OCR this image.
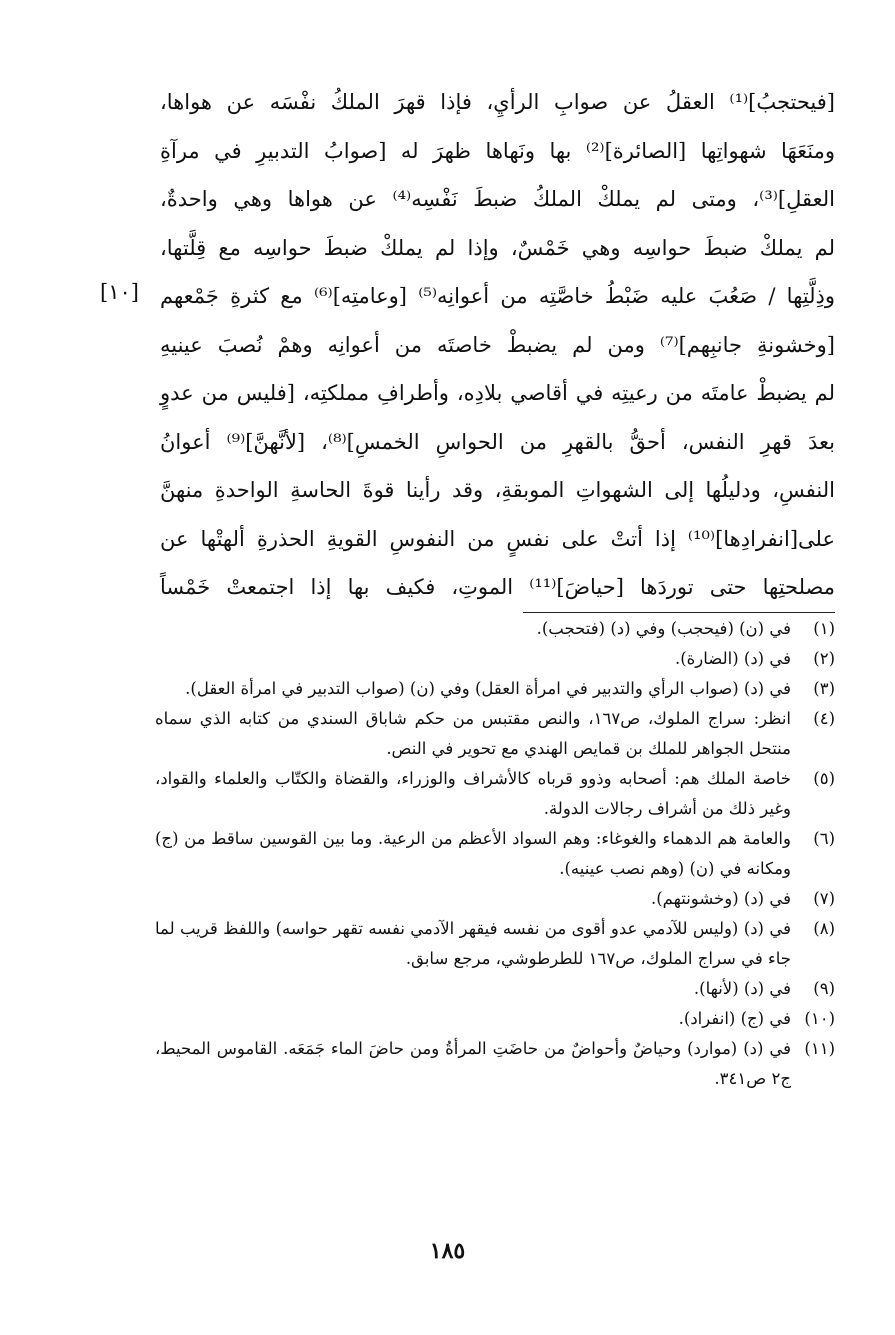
[فيحتجبُ]⁽¹⁾ العقلُ عن صوابِ الرأيِ، فإذا قهرَ الملكُ نفْسَه عن هواها،
ومنَعَهَا شهواتِها [الصائرة]⁽²⁾ بها ونَهاها ظهرَ له [صوابُ التدبيرِ في مرآةِ
العقلِ]⁽³⁾، ومتى لم يملكْ الملكُ ضبطَ نَفْسِه⁽⁴⁾ عن هواها وهي واحدةٌ،
لم يملكْ ضبطَ حواسِه وهي خَمْسٌ، وإذا لم يملكْ ضبطَ حواسِه مع قِلَّتها،
وذِلَّتِها / صَعُبَ عليه ضَبْطُ خاصَّتِه من أعوانِه⁽⁵⁾ [وعامتِه]⁽⁶⁾ مع كثرةِ جَمْعهم
[وخشونةِ جانبِهم]⁽⁷⁾ ومن لم يضبطْ خاصتَه من أعوانِه وهمْ نُصبَ عينيهِ
لم يضبطْ عامتَه من رعيتِه في أقاصي بلادِه، وأطرافِ مملكتِه، [فليس من عدوٍ
بعدَ قهرِ النفس، أحقُّ بالقهرِ من الحواسِ الخمسِ]⁽⁸⁾، [لأنَّهنَّ]⁽⁹⁾ أعوانُ
النفسِ، ودليلُها إلى الشهواتِ الموبقةِ، وقد رأينا قوةَ الحاسةِ الواحدةِ منهنَّ
على[انفرادِها]⁽¹⁰⁾ إذا أتتْ على نفسٍ من النفوسِ القويةِ الحذرةِ ألهتْها عن
مصلحتِها حتى توردَها [حياضَ]⁽¹¹⁾ الموتِ، فكيف بها إذا اجتمعتْ خَمْساً
[١٠]
(١)
في (ن) (فيحجب) وفي (د) (فتحجب).
(٢)
في (د) (الضارة).
(٣)
في (د) (صواب الرأي والتدبير في امرأة العقل) وفي (ن) (صواب التدبير في امرأة العقل).
(٤)
انظر: سراج الملوك، ص١٦٧، والنص مقتبس من حكم شاباق السندي من كتابه الذي سماه منتحل الجواهر للملك بن قمايص الهندي مع تحوير في النص.
(٥)
خاصة الملك هم: أصحابه وذوو قرباه كالأشراف والوزراء، والقضاة والكتّاب والعلماء والقواد، وغير ذلك من أشراف رجالات الدولة.
(٦)
والعامة هم الدهماء والغوغاء: وهم السواد الأعظم من الرعية. وما بين القوسين ساقط من (ج) ومكانه في (ن) (وهم نصب عينيه).
(٧)
في (د) (وخشونتهم).
(٨)
في (د) (وليس للآدمي عدو أقوى من نفسه فيقهر الآدمي نفسه تقهر حواسه) واللفظ قريب لما جاء في سراج الملوك، ص١٦٧ للطرطوشي، مرجع سابق.
(٩)
في (د) (لأنها).
(١٠)
في (ج) (انفراد).
(١١)
في (د) (موارد) وحياضٌ وأحواضٌ من حاضَتِ المرأةُ ومن حاضَ الماء جَمَعَه. القاموس المحيط، ج٢ ص٣٤١.
١٨٥
